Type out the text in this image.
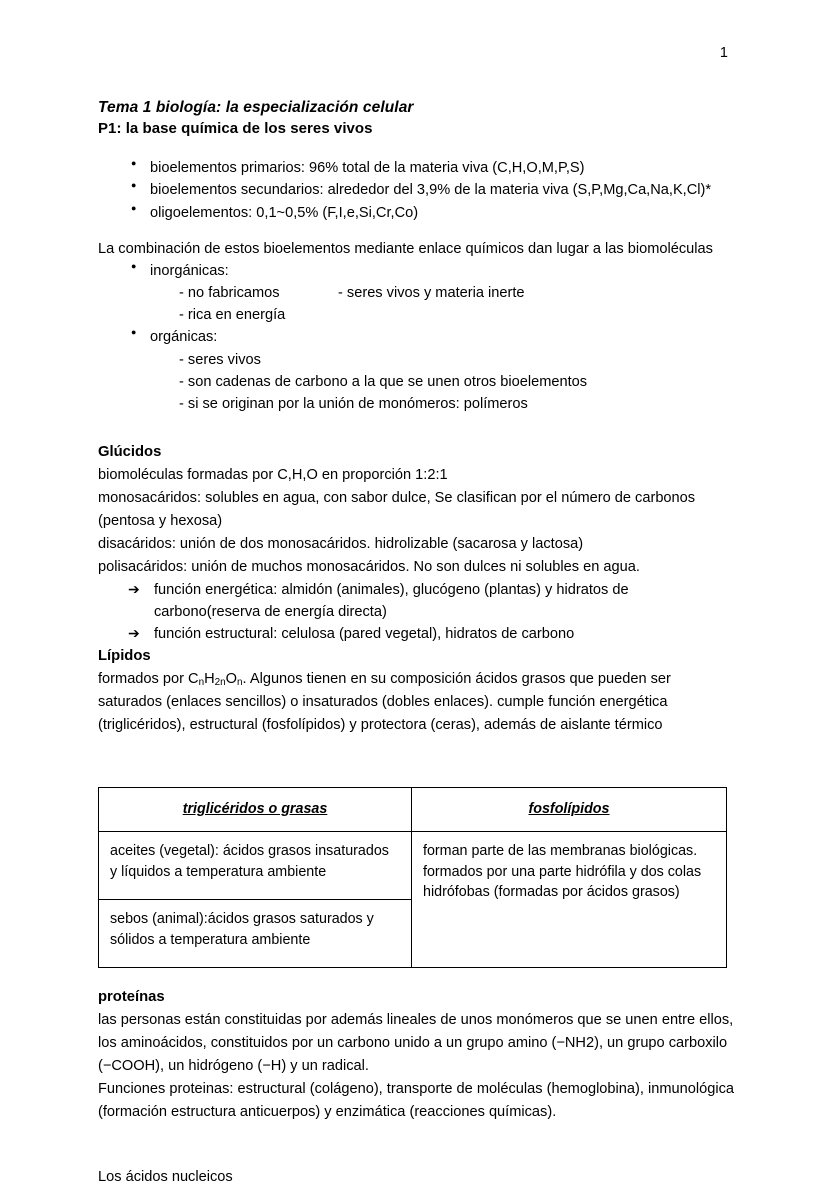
1
Tema 1 biología: la especialización celular
P1: la base química de los seres vivos
● bioelementos primarios: 96% total de la materia viva (C,H,O,M,P,S)
● bioelementos secundarios: alrededor del 3,9% de la materia viva (S,P,Mg,Ca,Na,K,Cl)*
● oligoelementos: 0,1~0,5% (F,I,e,Si,Cr,Co)
La combinación de estos bioelementos mediante enlace químicos dan lugar a las biomoléculas
● inorgánicas:
- no fabricamos	- seres vivos y materia inerte
- rica en energía
● orgánicas:
- seres vivos
- son cadenas de carbono a la que se unen otros bioelementos
- si se originan por la unión de monómeros: polímeros
Glúcidos
biomoléculas formadas por C,H,O en proporción 1:2:1
monosacáridos: solubles en agua, con sabor dulce, Se clasifican por el número de carbonos (pentosa y hexosa)
disacáridos: unión de dos monosacáridos. hidrolizable (sacarosa y lactosa)
polisacáridos: unión de muchos monosacáridos. No son dulces ni solubles en agua.
➔ función energética: almidón (animales), glucógeno (plantas) y hidratos de carbono(reserva de energía directa)
➔ función estructural: celulosa (pared vegetal), hidratos de carbono
Lípidos
formados por $C_nH_{2n}O_n$. Algunos tienen en su composición ácidos grasos que pueden ser saturados (enlaces sencillos) o insaturados (dobles enlaces). cumple función energética (triglicéridos), estructural (fosfolípidos) y protectora (ceras), además de aislante térmico
triglicéridos o grasas	fosfolípidos
aceites (vegetal): ácidos grasos insaturados y líquidos a temperatura ambiente	forman parte de las membranas biológicas. formados por una parte hidrófila y dos colas hidrófobas (formadas por ácidos grasos)
sebos (animal):ácidos grasos saturados y sólidos a temperatura ambiente	
proteínas
las personas están constituidas por además lineales de unos monómeros que se unen entre ellos, los aminoácidos, constituidos por un carbono unido a un grupo amino (−NH2), un grupo carboxilo (−COOH), un hidrógeno (−H) y un radical.
Funciones proteinas: estructural (colágeno), transporte de moléculas (hemoglobina), inmunológica (formación estructura anticuerpos) y enzimática (reacciones químicas).
Los ácidos nucleicos
